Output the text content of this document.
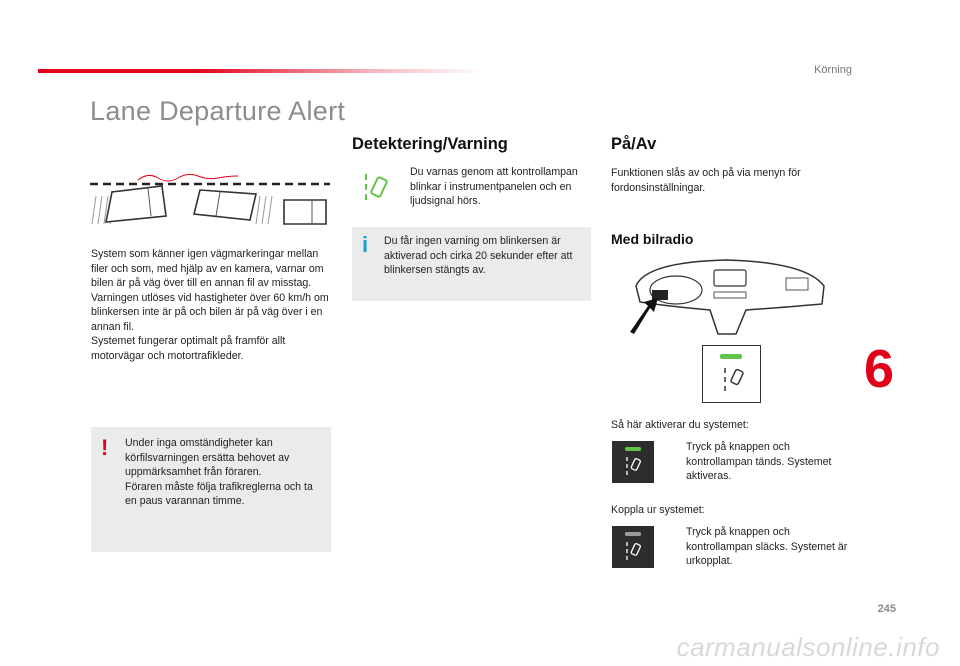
Körning
Lane Departure Alert

System som känner igen vägmarkeringar mellan filer och som, med hjälp av en kamera, varnar om bilen är på väg över till en annan fil av misstag.

Varningen utlöses vid hastigheter över 60 km/h om blinkersen inte är på och bilen är på väg över i en annan fil.

Systemet fungerar optimalt på framför allt motorvägar och motortrafikleder.

! Under inga omständigheter kan körfilsvarningen ersätta behovet av uppmärksamhet från föraren.

Föraren måste följa trafikreglerna och ta en paus varannan timme.

Detektering/Varning
Du varnas genom att kontrollampan blinkar i instrumentpanelen och en ljudsignal hörs.
i Du får ingen varning om blinkersen är aktiverad och cirka 20 sekunder efter att blinkersen stängts av.
På/Av
Funktionen slås av och på via menyn för fordonsinställningar.
Med bilradio
Så här aktiverar du systemet:
Tryck på knappen och kontrollampan tänds. Systemet aktiveras.
Koppla ur systemet:
Tryck på knappen och kontrollampan släcks. Systemet är urkopplat.
6
245
carmanualsonline.info
